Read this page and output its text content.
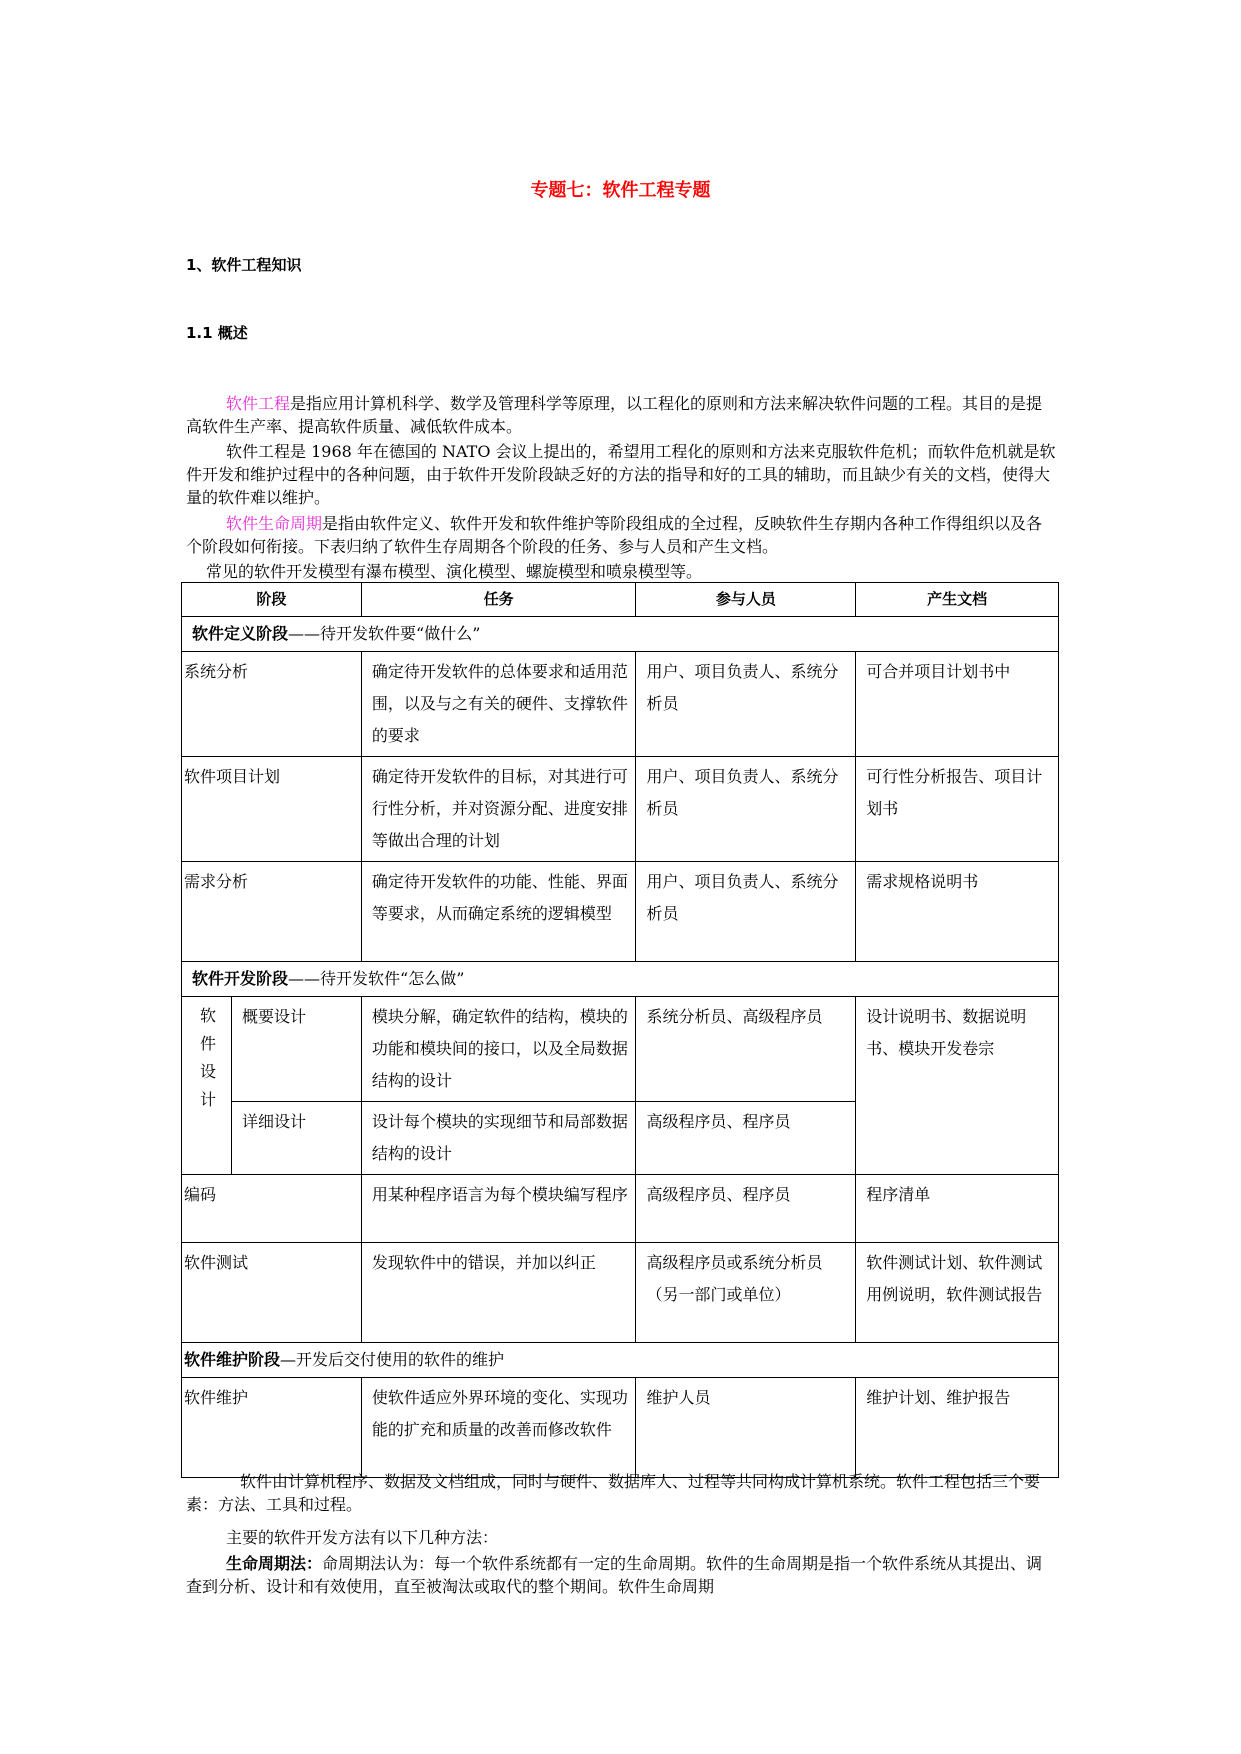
专题七：软件工程专题
1、软件工程知识
1.1 概述

软件工程是指应用计算机科学、数学及管理科学等原理，以工程化的原则和方法来解决软件问题的工程。其目的是提高软件生产率、提高软件质量、减低软件成本。

软件工程是 1968 年在德国的 NATO 会议上提出的，希望用工程化的原则和方法来克服软件危机；而软件危机就是软件开发和维护过程中的各种问题，由于软件开发阶段缺乏好的方法的指导和好的工具的辅助，而且缺少有关的文档，使得大量的软件难以维护。

软件生命周期是指由软件定义、软件开发和软件维护等阶段组成的全过程，反映软件生存期内各种工作得组织以及各个阶段如何衔接。下表归纳了软件生存周期各个阶段的任务、参与人员和产生文档。

常见的软件开发模型有瀑布模型、演化模型、螺旋模型和喷泉模型等。

阶段		任务	参与人员	产生文档
软件定义阶段——待开发软件要“做什么”				
系统分析		确定待开发软件的总体要求和适用范围，以及与之有关的硬件、支撑软件的要求	用户、项目负责人、系统分析员	可合并项目计划书中
软件项目计划		确定待开发软件的目标，对其进行可行性分析，并对资源分配、进度安排等做出合理的计划	用户、项目负责人、系统分析员	可行性分析报告、项目计划书
需求分析		确定待开发软件的功能、性能、界面等要求，从而确定系统的逻辑模型	用户、项目负责人、系统分析员	需求规格说明书
软件开发阶段——待开发软件“怎么做”				
软件设计	概要设计	模块分解，确定软件的结构，模块的功能和模块间的接口，以及全局数据结构的设计	系统分析员、高级程序员	设计说明书、数据说明书、模块开发卷宗
	详细设计	设计每个模块的实现细节和局部数据结构的设计	高级程序员、程序员	
编码		用某种程序语言为每个模块编写程序	高级程序员、程序员	程序清单
软件测试		发现软件中的错误，并加以纠正	高级程序员或系统分析员（另一部门或单位）	软件测试计划、软件测试用例说明，软件测试报告
软件维护阶段—开发后交付使用的软件的维护				
软件维护		使软件适应外界环境的变化、实现功能的扩充和质量的改善而修改软件	维护人员	维护计划、维护报告

软件由计算机程序、数据及文档组成，同时与硬件、数据库人、过程等共同构成计算机系统。软件工程包括三个要素：方法、工具和过程。

主要的软件开发方法有以下几种方法：

生命周期法：命周期法认为：每一个软件系统都有一定的生命周期。软件的生命周期是指一个软件系统从其提出、调查到分析、设计和有效使用，直至被淘汰或取代的整个期间。软件生命周期
